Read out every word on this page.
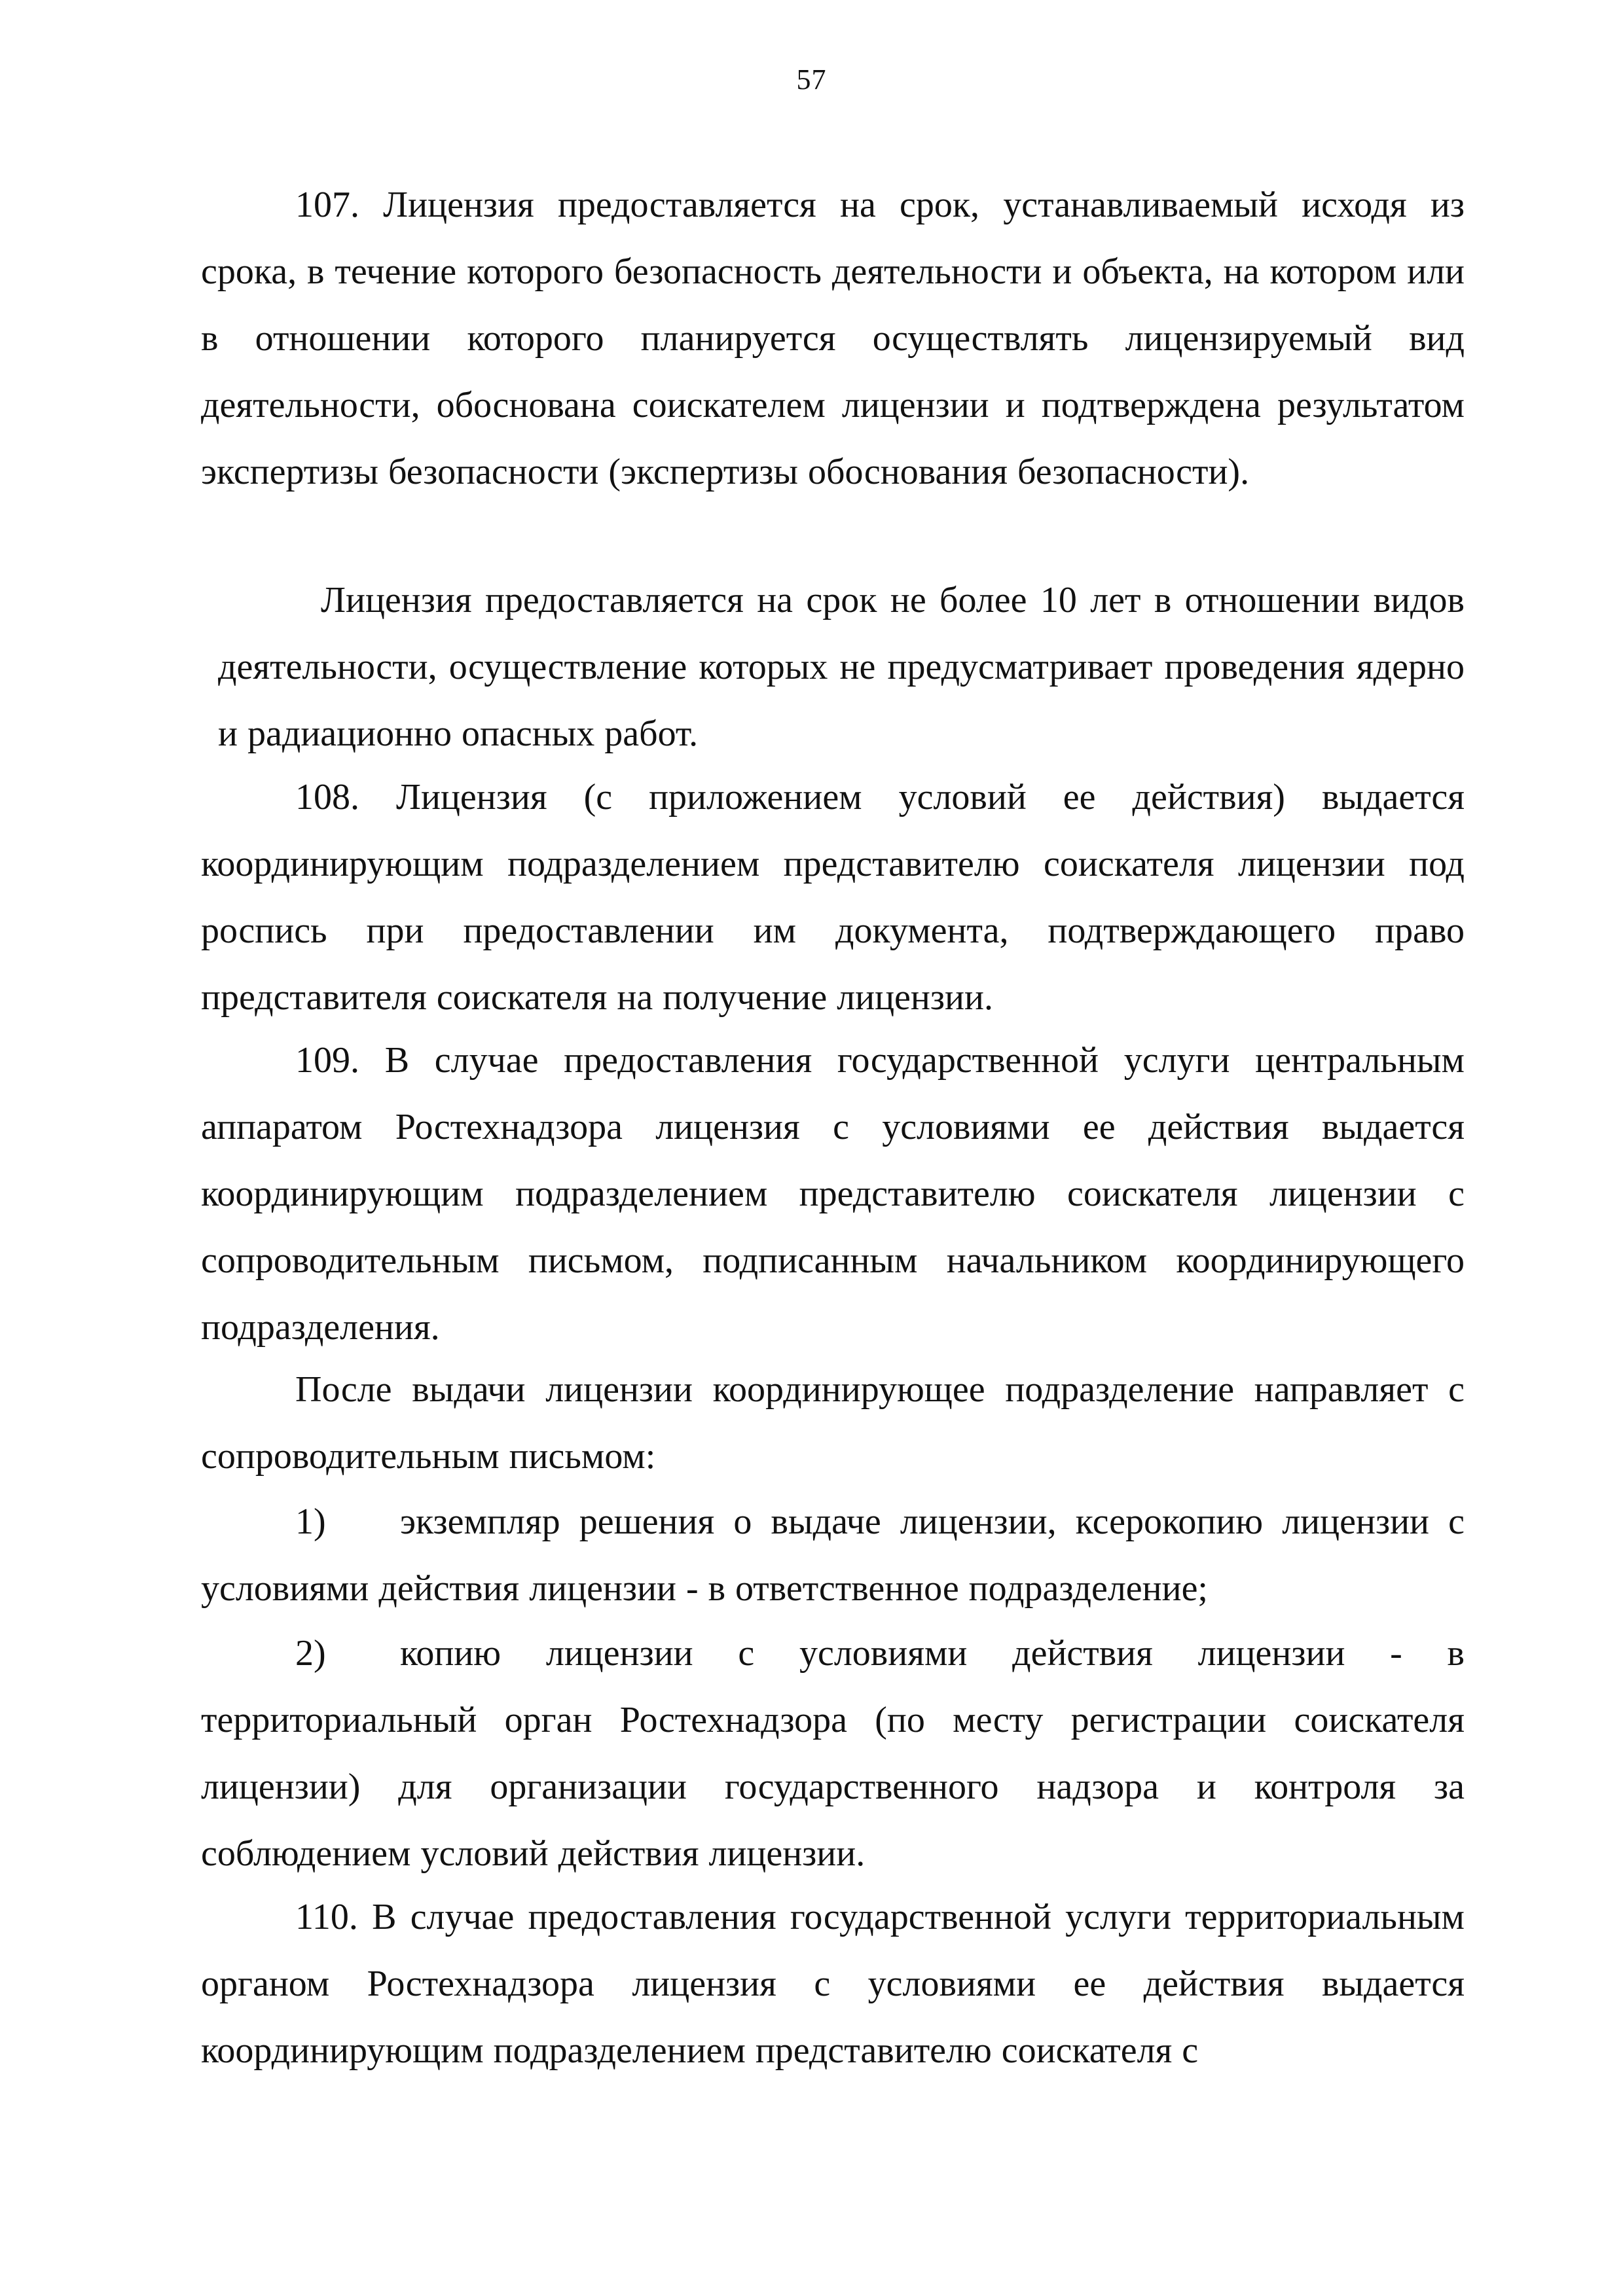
57

107. Лицензия предоставляется на срок, устанавливаемый исходя из срока, в течение которого безопасность деятельности и объекта, на котором или в отношении которого планируется осуществлять лицензируемый вид деятельности, обоснована соискателем лицензии и подтверждена результатом экспертизы безопасности (экспертизы обоснования безопасности).

Лицензия предоставляется на срок не более 10 лет в отношении видов деятельности, осуществление которых не предусматривает проведения ядерно и радиационно опасных работ.

108. Лицензия (с приложением условий ее действия) выдается координирующим подразделением представителю соискателя лицензии под роспись при предоставлении им документа, подтверждающего право представителя соискателя на получение лицензии.

109. В случае предоставления государственной услуги центральным аппаратом Ростехнадзора лицензия с условиями ее действия выдается координирующим подразделением представителю соискателя лицензии с сопроводительным письмом, подписанным начальником координирующего подразделения.

После выдачи лицензии координирующее подразделение направляет с сопроводительным письмом:

1) экземпляр решения о выдаче лицензии, ксерокопию лицензии с условиями действия лицензии - в ответственное подразделение;

2) копию лицензии с условиями действия лицензии - в территориальный орган Ростехнадзора (по месту регистрации соискателя лицензии) для организации государственного надзора и контроля за соблюдением условий действия лицензии.

110. В случае предоставления государственной услуги территориальным органом Ростехнадзора лицензия с условиями ее действия выдается координирующим подразделением представителю соискателя с
